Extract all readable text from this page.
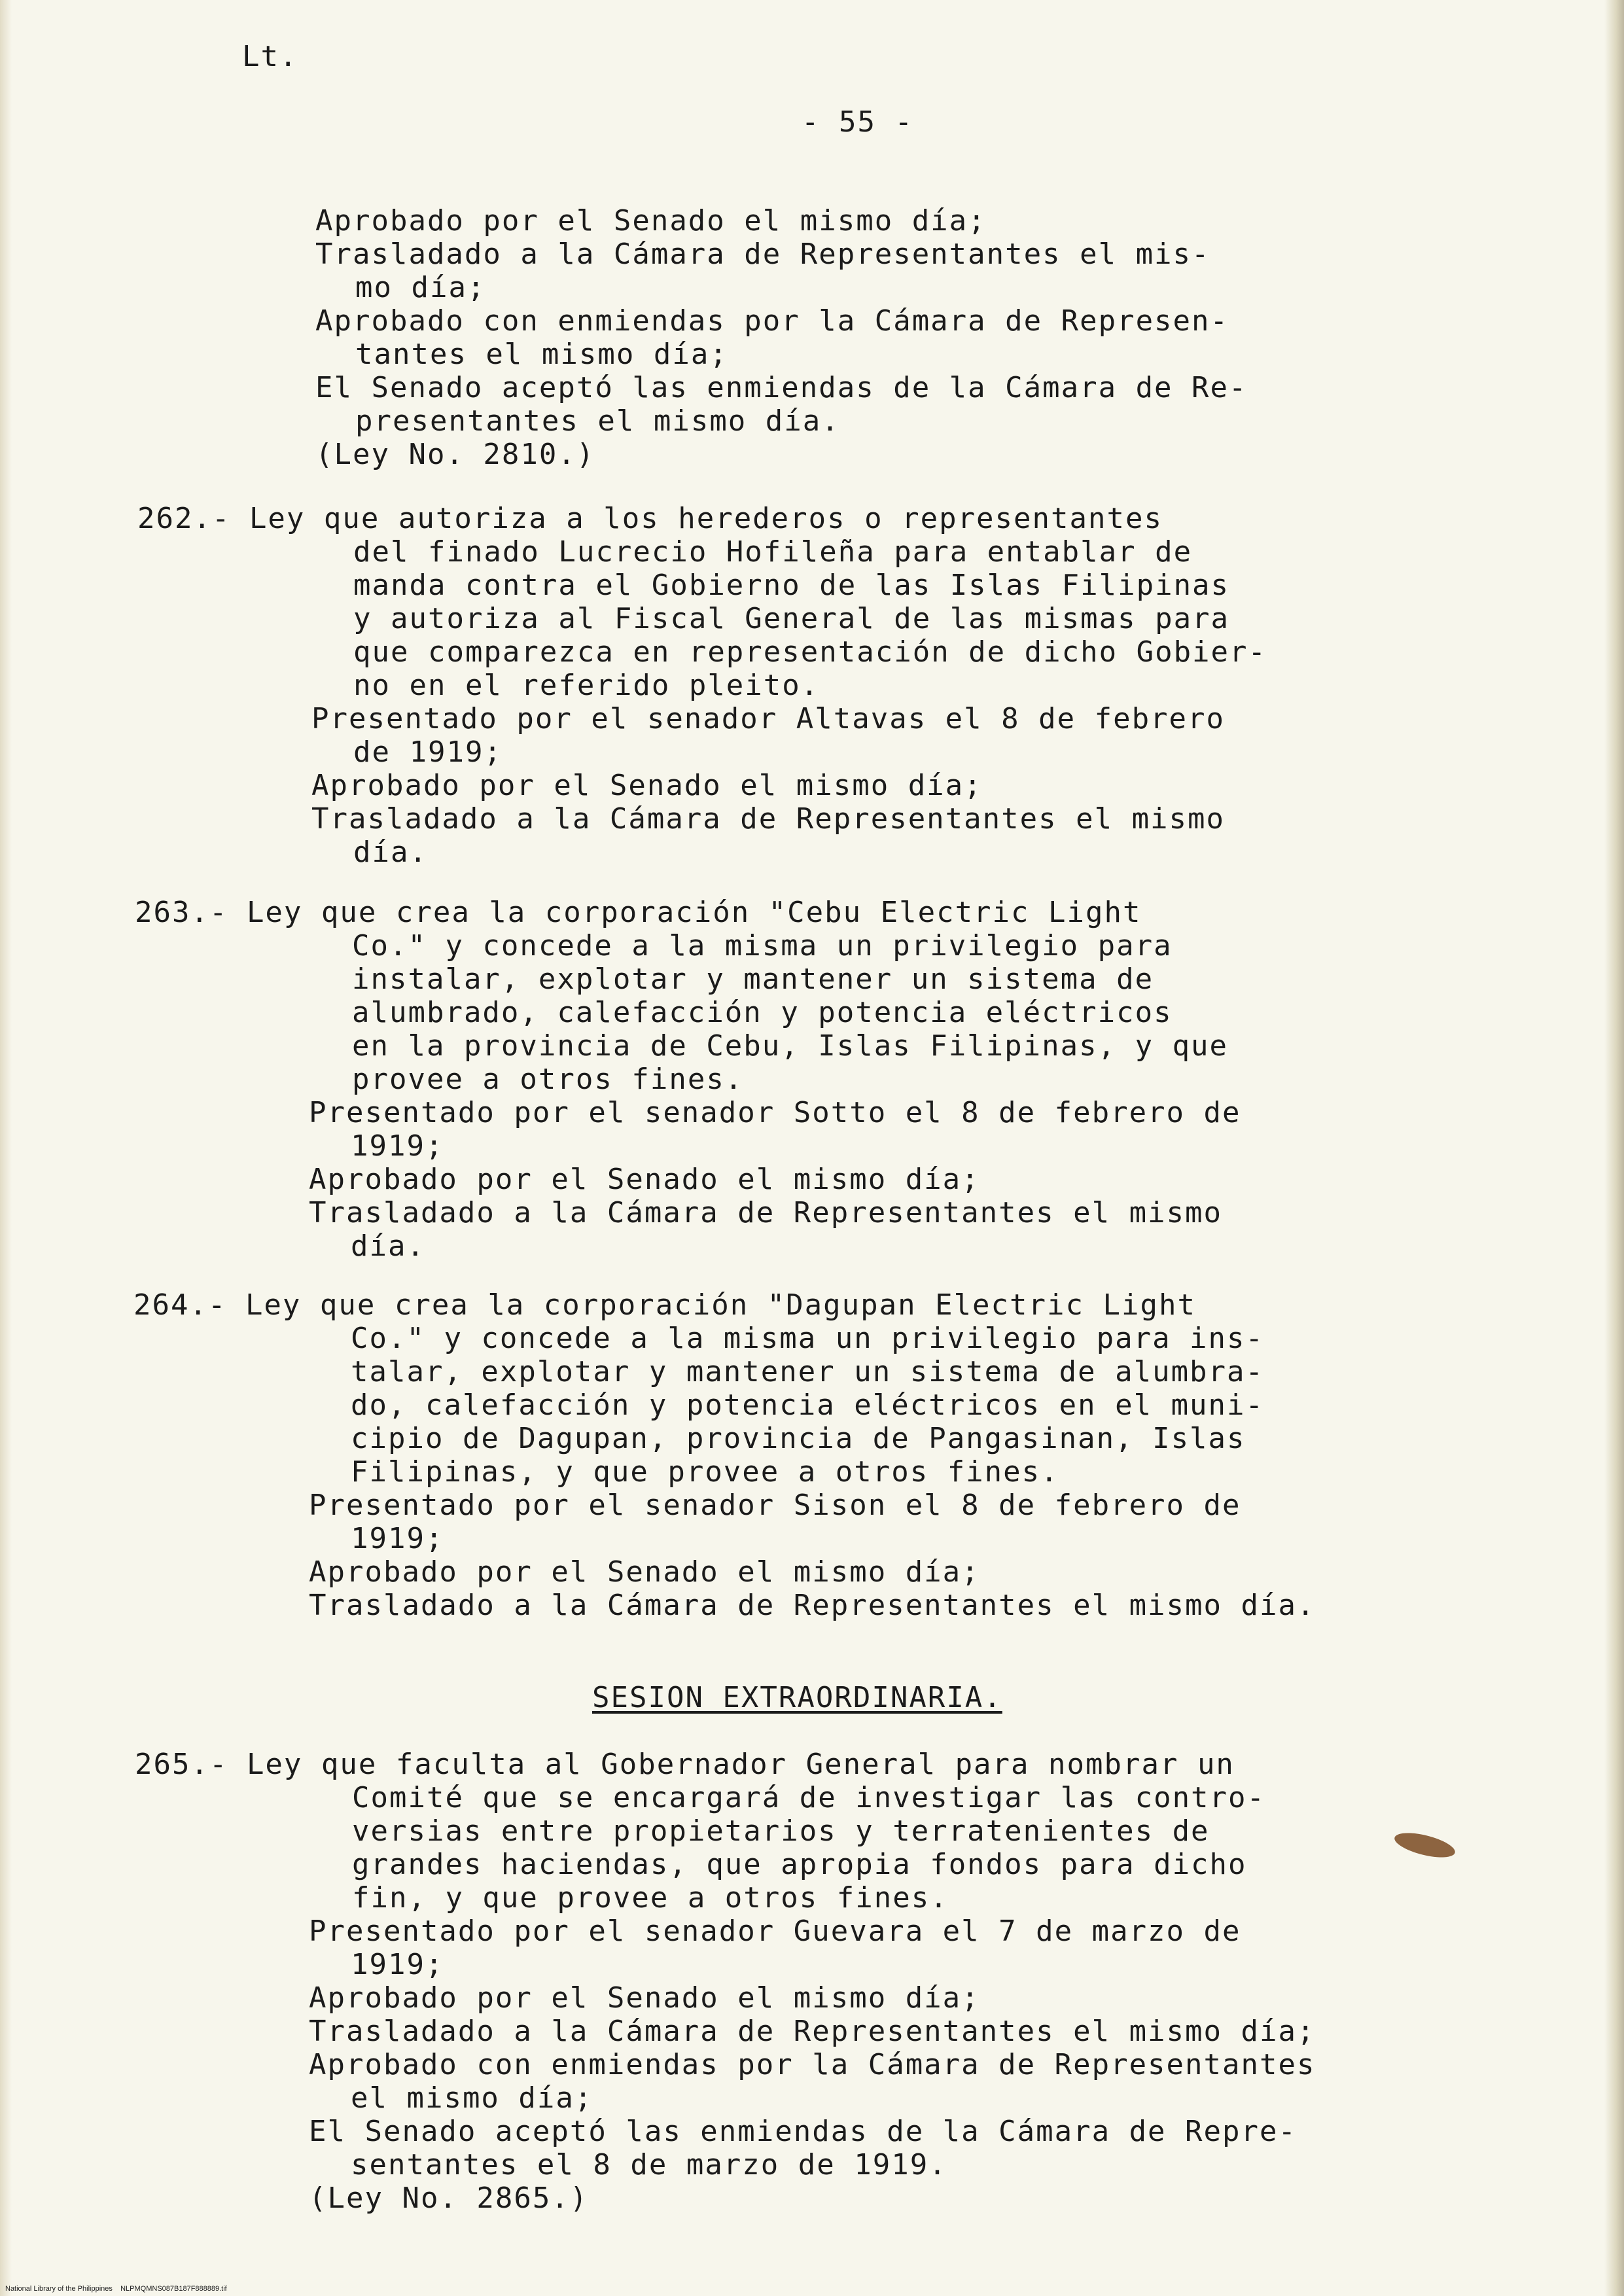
Lt.
- 55 -
Aprobado por el Senado el mismo día;
Trasladado a la Cámara de Representantes el mis-
mo día;
Aprobado con enmiendas por la Cámara de Represen-
tantes el mismo día;
El Senado aceptó las enmiendas de la Cámara de Re-
presentantes el mismo día.
(Ley No. 2810.)
262.- Ley que autoriza a los herederos o representantes
del finado Lucrecio Hofileña para entablar de
manda contra el Gobierno de las Islas Filipinas
y autoriza al Fiscal General de las mismas para
que comparezca en representación de dicho Gobier-
no en el referido pleito.
Presentado por el senador Altavas el 8 de febrero
de 1919;
Aprobado por el Senado el mismo día;
Trasladado a la Cámara de Representantes el mismo
día.
263.- Ley que crea la corporación "Cebu Electric Light
Co." y concede a la misma un privilegio para
instalar, explotar y mantener un sistema de
alumbrado, calefacción y potencia eléctricos
en la provincia de Cebu, Islas Filipinas, y que
provee a otros fines.
Presentado por el senador Sotto el 8 de febrero de
1919;
Aprobado por el Senado el mismo día;
Trasladado a la Cámara de Representantes el mismo
día.
264.- Ley que crea la corporación "Dagupan Electric Light
Co." y concede a la misma un privilegio para ins-
talar, explotar y mantener un sistema de alumbra-
do, calefacción y potencia eléctricos en el muni-
cipio de Dagupan, provincia de Pangasinan, Islas
Filipinas, y que provee a otros fines.
Presentado por el senador Sison el 8 de febrero de
1919;
Aprobado por el Senado el mismo día;
Trasladado a la Cámara de Representantes el mismo día.
SESION EXTRAORDINARIA.
265.- Ley que faculta al Gobernador General para nombrar un
Comité que se encargará de investigar las contro-
versias entre propietarios y terratenientes de
grandes haciendas, que apropia fondos para dicho
fin, y que provee a otros fines.
Presentado por el senador Guevara el 7 de marzo de
1919;
Aprobado por el Senado el mismo día;
Trasladado a la Cámara de Representantes el mismo día;
Aprobado con enmiendas por la Cámara de Representantes
el mismo día;
El Senado aceptó las enmiendas de la Cámara de Repre-
sentantes el 8 de marzo de 1919.
(Ley No. 2865.)
National Library of the Philippines    NLPMQMNS087B187F888889.tif
